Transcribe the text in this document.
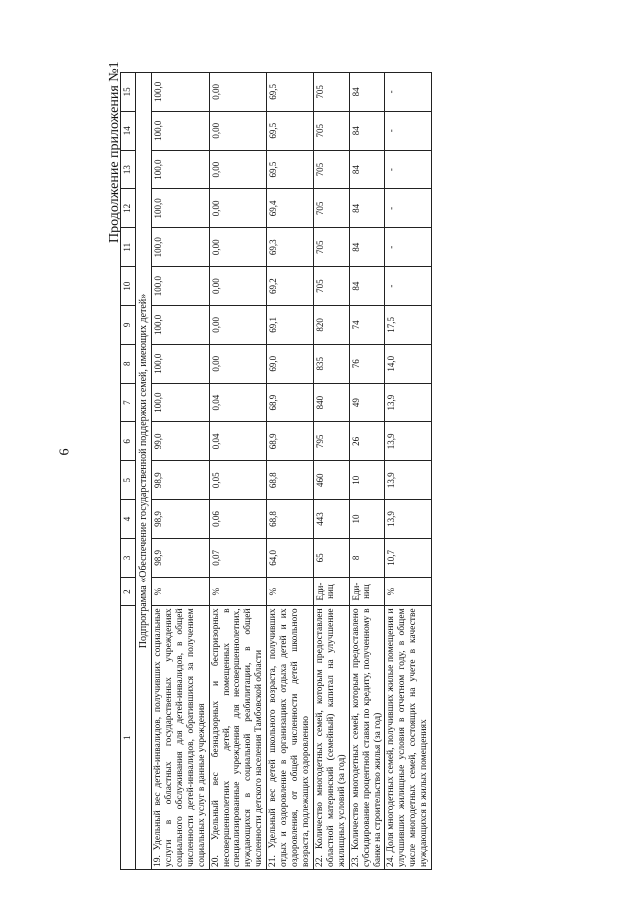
6
Продолжение приложения №1
1	2	3	4	5	6	7	8	9	10	11	12	13	14	15
Подпрограмма «Обеспечение государственной поддержки семей, имеющих детей»														
19. Удельный вес детей-инвалидов, получивших социальные услуги в областных государственных учреждениях социального обслуживания для детей-инвалидов, в общей численности детей-инвалидов, обратившихся за получением социальных услуг в данные учреждения	%	98,9	98,9	98,9	99,0	100,0	100,0	100,0	100,0	100,0	100,0	100,0	100,0	100,0
20. Удельный вес безнадзорных и беспризорных несовершеннолетних детей, помещенных в специализированные учреждения для несовершеннолетних, нуждающихся в социальной реабилитации, в общей численности детского населения Тамбовской области	%	0,07	0,06	0,05	0,04	0,04	0,00	0,00	0,00	0,00	0,00	0,00	0,00	0,00
21. Удельный вес детей школьного возраста, получивших отдых и оздоровление в организациях отдыха детей и их оздоровления, от общей численности детей школьного возраста, подлежащих оздоровлению	%	64,0	68,8	68,8	68,9	68,9	69,0	69,1	69,2	69,3	69,4	69,5	69,5	69,5
22. Количество многодетных семей, которым предоставлен областной материнский (семейный) капитал на улучшение жилищных условий (за год)	Еди-ниц	65	443	460	795	840	835	820	705	705	705	705	705	705
23. Количество многодетных семей, которым предоставлено субсидирование процентной ставки по кредиту, полученному в банке на строительство жилья (за год)	Еди-ниц	8	10	10	26	49	76	74	84	84	84	84	84	84
24. Доля многодетных семей, получивших жилые помещения и улучшивших жилищные условия в отчетном году, в общем числе многодетных семей, состоящих на учете в качестве нуждающихся в жилых помещениях	%	10,7	13,9	13,9	13,9	13,9	14,0	17,5	-	-	-	-	-	-
